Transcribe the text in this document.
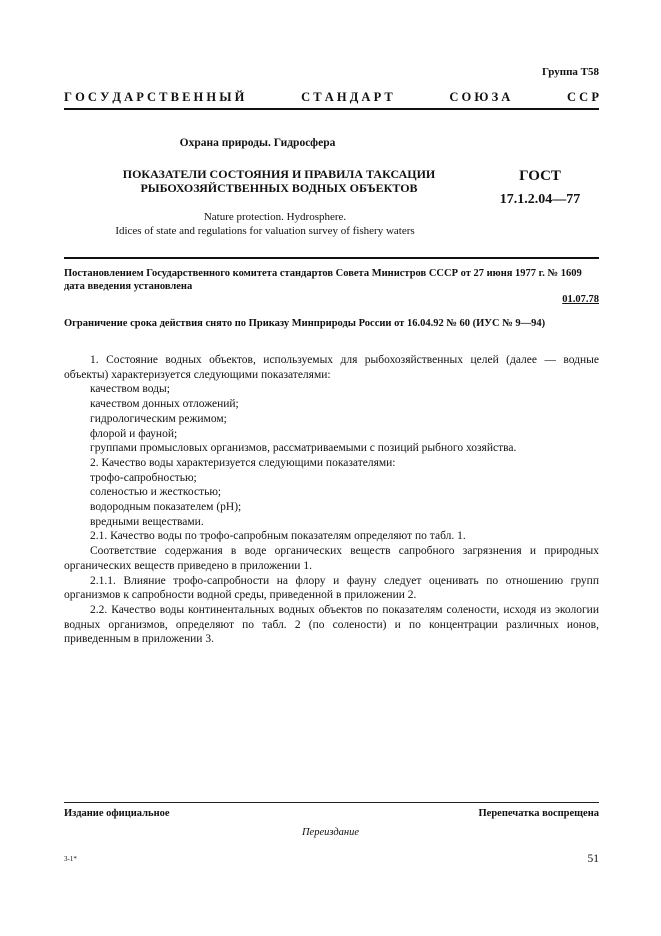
Группа Т58
Г О С У Д А Р С Т В Е Н Н Ы Й	С Т А Н Д А Р Т	С О Ю З А	С С Р
Охрана природы. Гидросфера
ПОКАЗАТЕЛИ СОСТОЯНИЯ И ПРАВИЛА ТАКСАЦИИ
РЫБОХОЗЯЙСТВЕННЫХ ВОДНЫХ ОБЪЕКТОВ
ГОСТ
17.1.2.04—77
Nature protection. Hydrosphere.
Idices of state and regulations for valuation survey of fishery waters
Постановлением Государственного комитета стандартов Совета Министров СССР от 27 июня 1977 г. № 1609
дата введения установлена
01.07.78
Ограничение срока действия снято по Приказу Минприроды России от 16.04.92 № 60 (ИУС № 9—94)

1. Состояние водных объектов, используемых для рыбохозяйственных целей (далее — водные объекты) характеризуется следующими показателями:

качеством воды;

качеством донных отложений;

гидрологическим режимом;

флорой и фауной;

группами промысловых организмов, рассматриваемыми с позиций рыбного хозяйства.

2. Качество воды характеризуется следующими показателями:

трофо-сапробностью;

соленостью и жесткостью;

водородным показателем (рН);

вредными веществами.

2.1. Качество воды по трофо-сапробным показателям определяют по табл. 1.

Соответствие содержания в воде органических веществ сапробного загрязнения и природных органических веществ приведено в приложении 1.

2.1.1. Влияние трофо-сапробности на флору и фауну следует оценивать по отношению групп организмов к сапробности водной среды, приведенной в приложении 2.

2.2. Качество воды континентальных водных объектов по показателям солености, исходя из экологии водных организмов, определяют по табл. 2 (по солености) и по концентрации различных ионов, приведенным в приложении 3.

Издание официальное	Перепечатка воспрещена
Переиздание
3-1*	51
